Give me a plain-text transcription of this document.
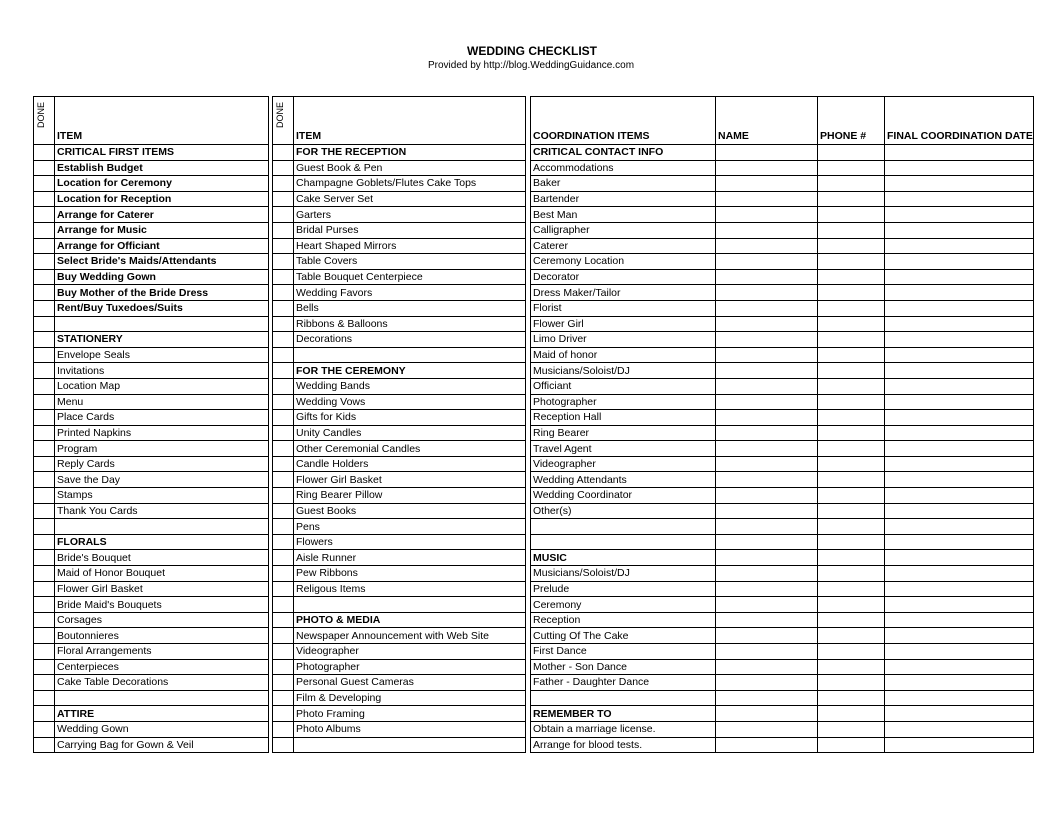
WEDDING CHECKLIST
Provided by http://blog.WeddingGuidance.com
DONE	ITEM		DONE	ITEM		COORDINATION ITEMS	NAME	PHONE #	FINAL COORDINATION DATE
	CRITICAL FIRST ITEMS			FOR THE RECEPTION		CRITICAL CONTACT INFO			
	Establish Budget			Guest Book & Pen		Accommodations			
	Location for Ceremony			Champagne Goblets/Flutes Cake Tops		Baker			
	Location for Reception			Cake Server Set		Bartender			
	Arrange for Caterer			Garters		Best Man			
	Arrange for Music			Bridal Purses		Calligrapher			
	Arrange for Officiant			Heart Shaped Mirrors		Caterer			
	Select Bride's Maids/Attendants			Table Covers		Ceremony Location			
	Buy Wedding Gown			Table Bouquet Centerpiece		Decorator			
	Buy Mother of the Bride Dress			Wedding Favors		Dress Maker/Tailor			
	Rent/Buy Tuxedoes/Suits			Bells		Florist			
				Ribbons & Balloons		Flower Girl			
	STATIONERY			Decorations		Limo Driver			
	Envelope Seals					Maid of honor			
	Invitations			FOR THE CEREMONY		Musicians/Soloist/DJ			
	Location Map			Wedding Bands		Officiant			
	Menu			Wedding Vows		Photographer			
	Place Cards			Gifts for Kids		Reception Hall			
	Printed Napkins			Unity Candles		Ring Bearer			
	Program			Other Ceremonial Candles		Travel Agent			
	Reply Cards			Candle Holders		Videographer			
	Save the Day			Flower Girl Basket		Wedding Attendants			
	Stamps			Ring Bearer Pillow		Wedding Coordinator			
	Thank You Cards			Guest Books		Other(s)			
				Pens					
	FLORALS			Flowers					
	Bride's Bouquet			Aisle Runner		MUSIC			
	Maid of Honor Bouquet			Pew Ribbons		Musicians/Soloist/DJ			
	Flower Girl Basket			Religous Items		Prelude			
	Bride Maid's Bouquets					Ceremony			
	Corsages			PHOTO & MEDIA		Reception			
	Boutonnieres			Newspaper Announcement with Web Site		Cutting Of The Cake			
	Floral Arrangements			Videographer		First Dance			
	Centerpieces			Photographer		Mother - Son Dance			
	Cake Table Decorations			Personal Guest Cameras		Father - Daughter Dance			
				Film & Developing					
	ATTIRE			Photo Framing		REMEMBER TO			
	Wedding Gown			Photo Albums		Obtain a marriage license.			
	Carrying Bag for Gown & Veil					Arrange for blood tests.			
